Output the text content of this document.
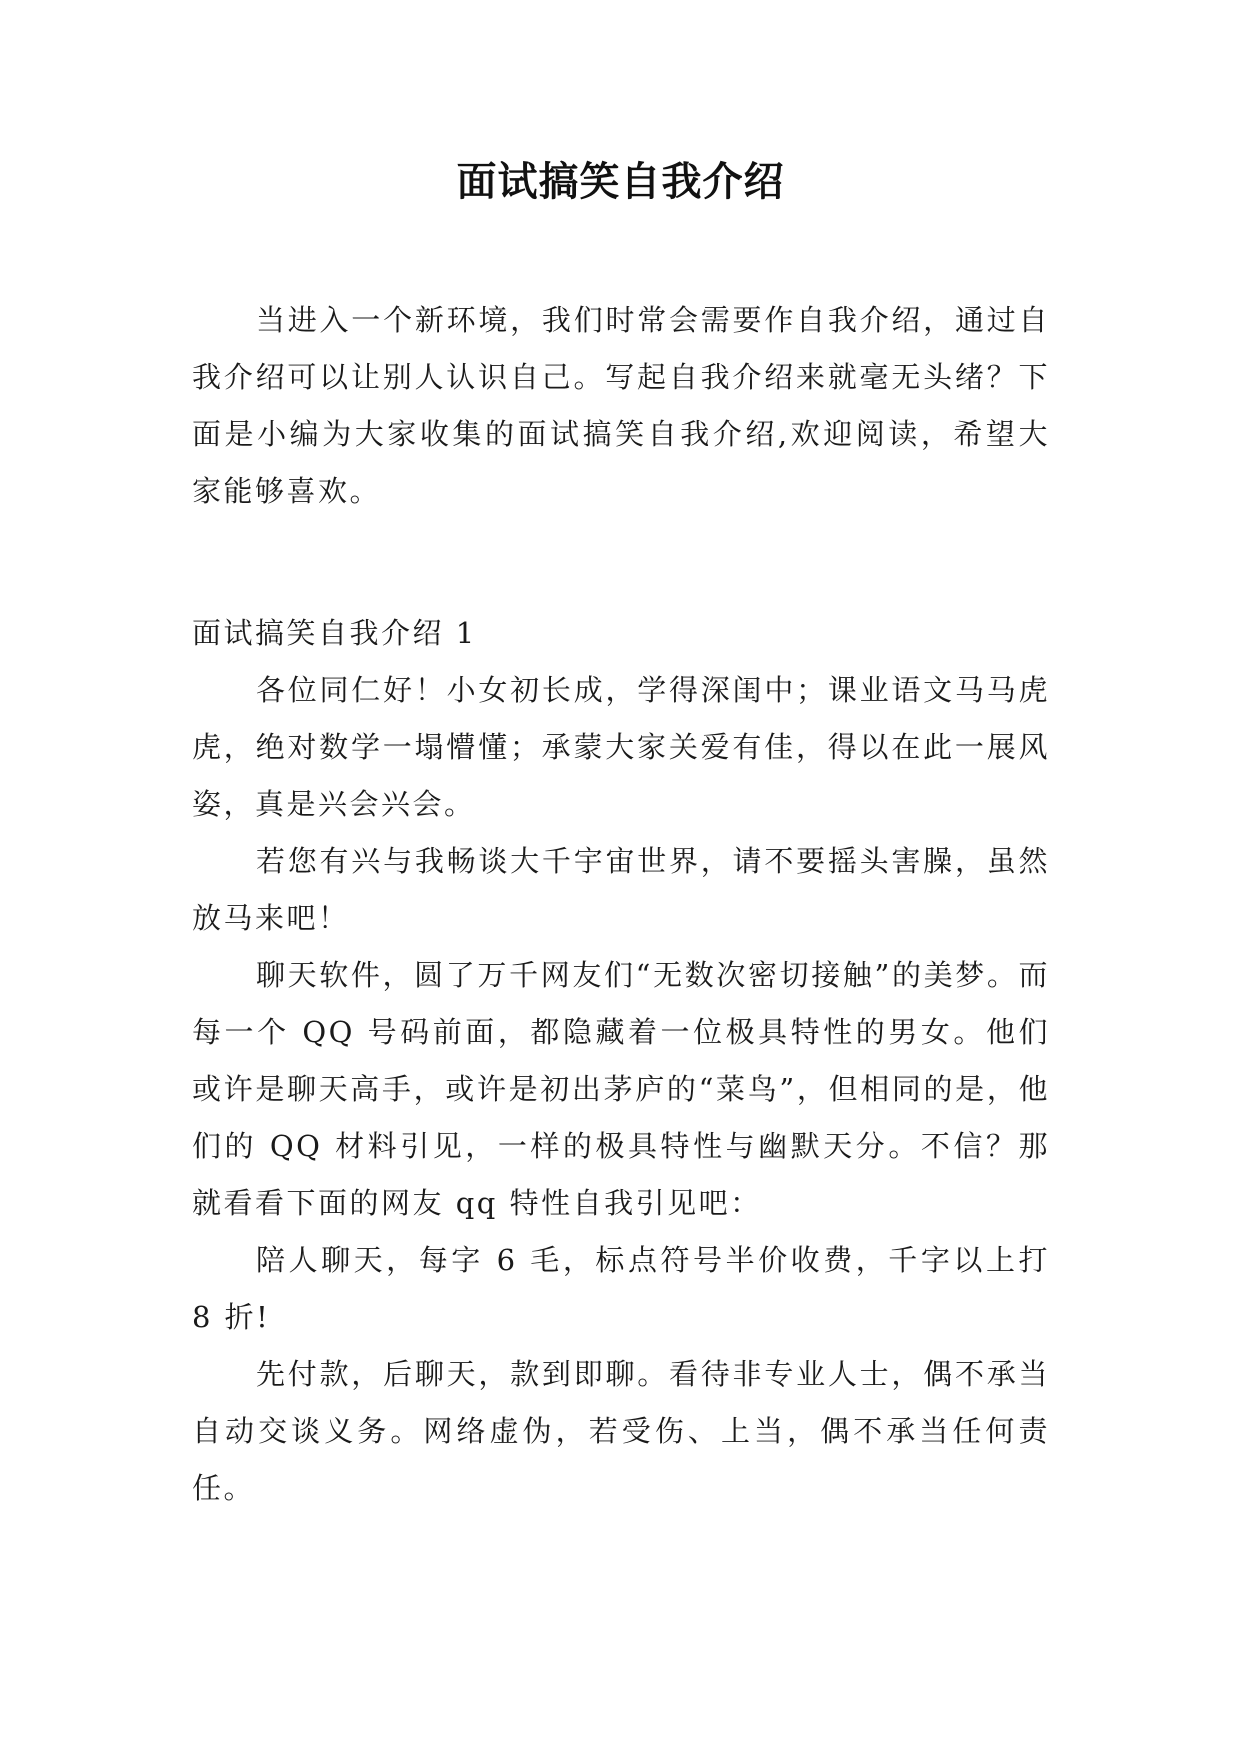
面试搞笑自我介绍

当进入一个新环境，我们时常会需要作自我介绍，通过自我介绍可以让别人认识自己。写起自我介绍来就毫无头绪？下面是小编为大家收集的面试搞笑自我介绍,欢迎阅读，希望大家能够喜欢。

面试搞笑自我介绍 1

各位同仁好！小女初长成，学得深闺中；课业语文马马虎虎，绝对数学一塌懵懂；承蒙大家关爱有佳，得以在此一展风姿，真是兴会兴会。

若您有兴与我畅谈大千宇宙世界，请不要摇头害臊，虽然放马来吧！

聊天软件，圆了万千网友们“无数次密切接触”的美梦。而每一个 QQ 号码前面，都隐藏着一位极具特性的男女。他们或许是聊天高手，或许是初出茅庐的“菜鸟”，但相同的是，他们的 QQ 材料引见，一样的极具特性与幽默天分。不信？那就看看下面的网友 qq 特性自我引见吧：

陪人聊天，每字 6 毛，标点符号半价收费，千字以上打 8 折!

先付款，后聊天，款到即聊。看待非专业人士，偶不承当自动交谈义务。网络虚伪，若受伤、上当，偶不承当任何责任。
